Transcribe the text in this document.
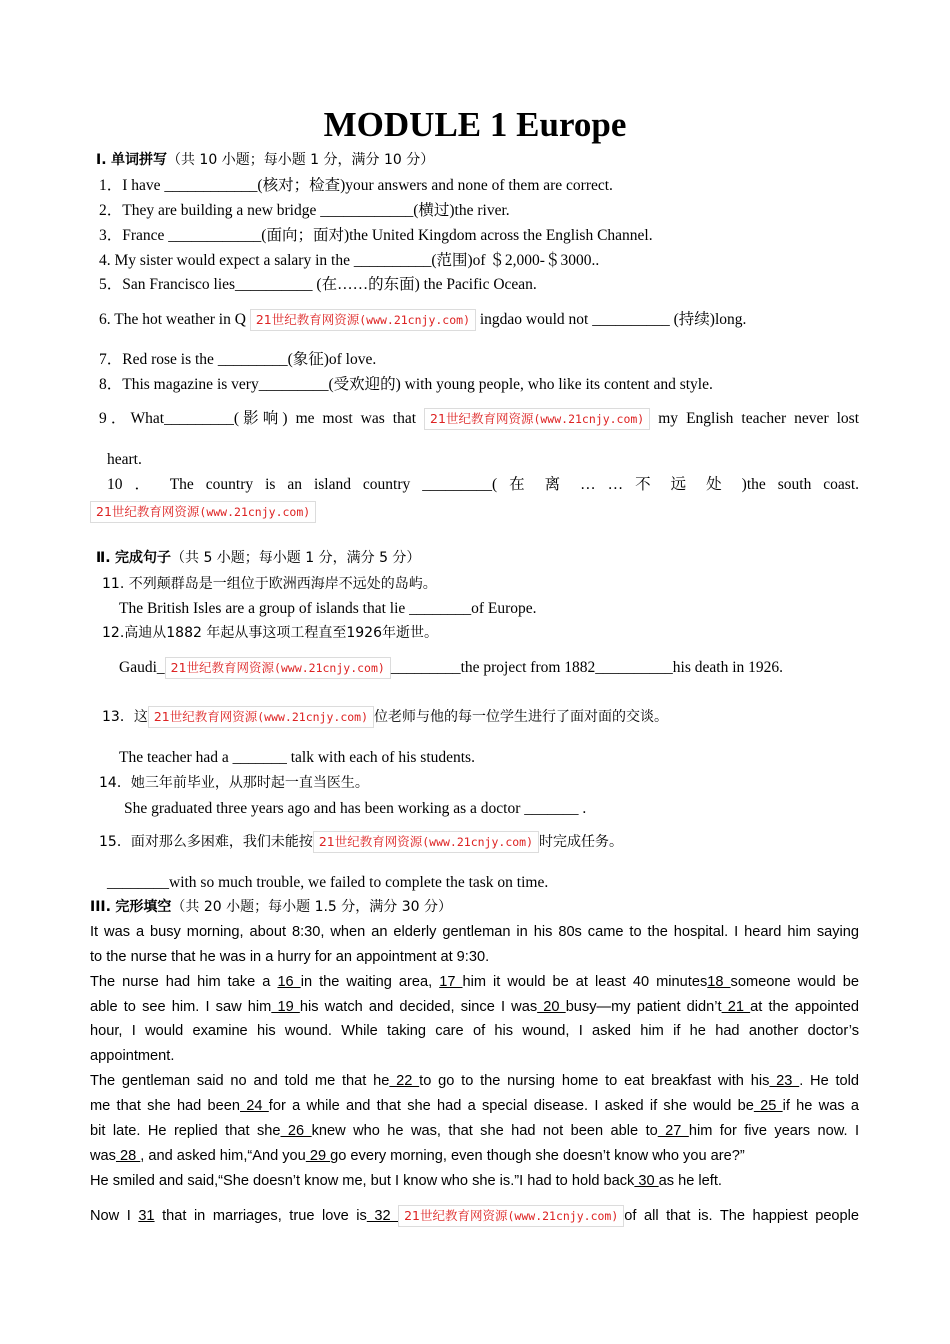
MODULE 1 Europe
Ⅰ. 单词拼写（共 10 小题；每小题 1 分，满分 10 分）
1．I have ____________(核对；检查)your answers and none of them are correct.
2．They are building a new bridge ____________(横过)the river.
3．France ____________(面向；面对)the United Kingdom across the English Channel.
4. My sister would expect a salary in the __________(范围)of ＄2,000-＄3000..
5．San Francisco lies__________ (在……的东面) the Pacific Ocean.
6. The hot weather in Q 21世纪教育网资源(www.21cnjy.com) ingdao would not __________ (持续)long.
7．Red rose is the _________(象征)of love.
8．This magazine is very_________(受欢迎的) with young people, who like its content and style.
9．What_________(影响) me most was that 21世纪教育网资源(www.21cnjy.com) my English teacher never lost
heart.
10 ． The country is an island country _________( 在 离 … … 不 远 处 )the south coast.
21世纪教育网资源(www.21cnjy.com)
Ⅱ. 完成句子（共 5 小题；每小题 1 分，满分 5 分）
11. 不列颠群岛是一组位于欧洲西海岸不远处的岛屿。
The British Isles are a group of islands that lie ________of Europe.
12.高迪从1882 年起从事这项工程直至1926年逝世。
Gaudi_ 21世纪教育网资源(www.21cnjy.com) _________the project from 1882__________his death in 1926.
13．这 21世纪教育网资源(www.21cnjy.com) 位老师与他的每一位学生进行了面对面的交谈。
The teacher had a _______ talk with each of his students.
14．她三年前毕业，从那时起一直当医生。
She graduated three years ago and has been working as a doctor _______ .
15．面对那么多困难，我们未能按 21世纪教育网资源(www.21cnjy.com) 时完成任务。
________with so much trouble, we failed to complete the task on time.
III. 完形填空（共 20 小题；每小题 1.5 分，满分 30 分）
It was a busy morning, about 8:30, when an elderly gentleman in his 80s came to the hospital. I heard him saying
to the nurse that he was in a hurry for an appointment at 9:30.
The nurse had him take a 16 in the waiting area, 17 him it would be at least 40 minutes18 someone would be
able to see him. I saw him 19 his watch and decided, since I was 20 busy—my patient didn’t 21 at the appointed
hour, I would examine his wound. While taking care of his wound, I asked him if he had another doctor’s
appointment.
The gentleman said no and told me that he 22 to go to the nursing home to eat breakfast with his 23 . He told
me that she had been 24 for a while and that she had a special disease. I asked if she would be 25 if he was a
bit late. He replied that she 26 knew who he was, that she had not been able to 27 him for five years now. I
was 28 , and asked him,“And you 29 go every morning, even though she doesn’t know who you are?”
He smiled and said,“She doesn’t know me, but I know who she is.”I had to hold back 30 as he left.
Now I 31 that in marriages, true love is 32 21世纪教育网资源(www.21cnjy.com) of all that is. The happiest people
